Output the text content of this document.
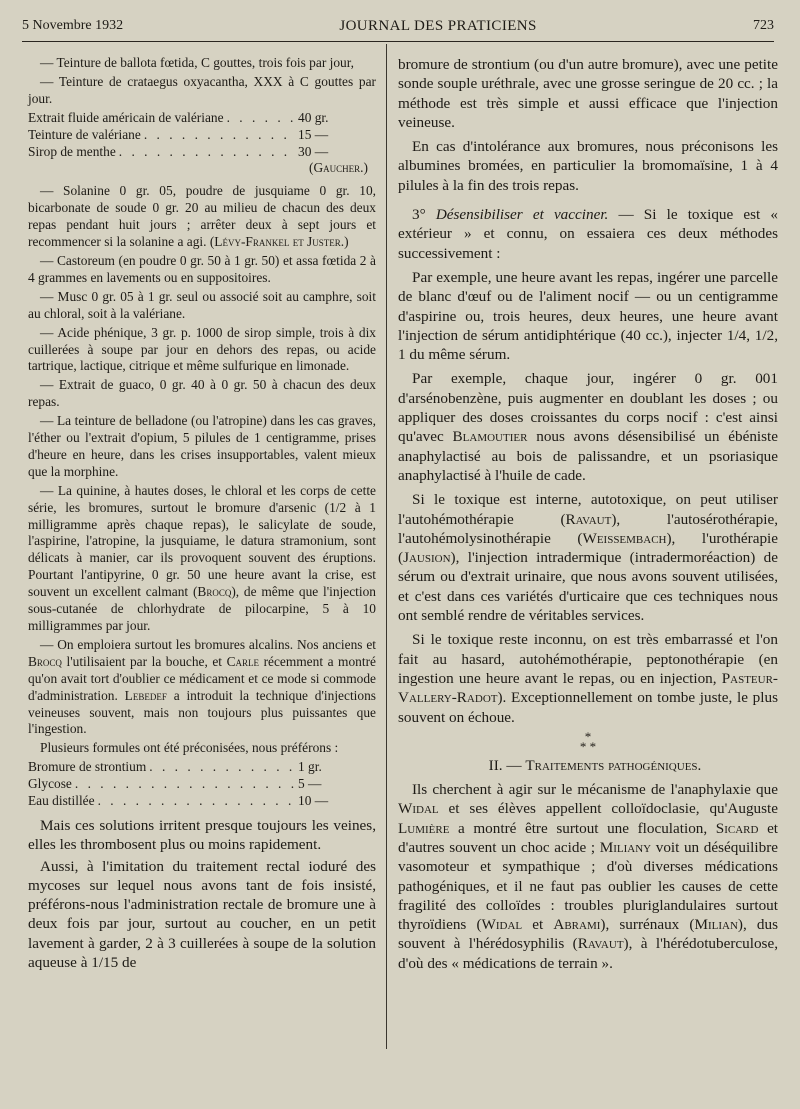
5 Novembre 1932	JOURNAL DES PRATICIENS	723

— Teinture de ballota fœtida, C gouttes, trois fois par jour,

— Teinture de crataegus oxyacantha, XXX à C gouttes par jour.

Extrait fluide américain de valériane . . .	40 gr.
Teinture de valériane . . .	15 —
Sirop de menthe . . .	30 —
(Gaucher.)

— Solanine 0 gr. 05, poudre de jusquiame 0 gr. 10, bicarbonate de soude 0 gr. 20 au milieu de chacun des deux repas pendant huit jours ; arrêter deux à sept jours et recommencer si la solanine a agi. (Lévy-Frankel et Juster.)

— Castoreum (en poudre 0 gr. 50 à 1 gr. 50) et assa fœtida 2 à 4 grammes en lavements ou en suppositoires.

— Musc 0 gr. 05 à 1 gr. seul ou associé soit au camphre, soit au chloral, soit à la valériane.

— Acide phénique, 3 gr. p. 1000 de sirop simple, trois à dix cuillerées à soupe par jour en dehors des repas, ou acide tartrique, lactique, citrique et même sulfurique en limonade.

— Extrait de guaco, 0 gr. 40 à 0 gr. 50 à chacun des deux repas.

— La teinture de belladone (ou l'atropine) dans les cas graves, l'éther ou l'extrait d'opium, 5 pilules de 1 centigramme, prises d'heure en heure, dans les crises insupportables, valent mieux que la morphine.

— La quinine, à hautes doses, le chloral et les corps de cette série, les bromures, surtout le bromure d'arsenic (1/2 à 1 milligramme après chaque repas), le salicylate de soude, l'aspirine, l'atropine, la jusquiame, le datura stramonium, sont délicats à manier, car ils provoquent souvent des éruptions. Pourtant l'antipyrine, 0 gr. 50 une heure avant la crise, est souvent un excellent calmant (Brocq), de même que l'injection sous-cutanée de chlorhydrate de pilocarpine, 5 à 10 milligrammes par jour.

— On emploiera surtout les bromures alcalins. Nos anciens et Brocq l'utilisaient par la bouche, et Carle récemment a montré qu'on avait tort d'oublier ce médicament et ce mode si commode d'administration. Lebedef a introduit la technique d'injections veineuses souvent, mais non toujours plus puissantes que l'ingestion.

Plusieurs formules ont été préconisées, nous préférons :

Bromure de strontium . . .	1 gr.
Glycose . . .	5 —
Eau distillée . . .	10 —

Mais ces solutions irritent presque toujours les veines, elles les thrombosent plus ou moins rapidement.

Aussi, à l'imitation du traitement rectal ioduré des mycoses sur lequel nous avons tant de fois insisté, préférons-nous l'administration rectale de bromure une à deux fois par jour, surtout au coucher, en un petit lavement à garder, 2 à 3 cuillerées à soupe de la solution aqueuse à 1/15 de

bromure de strontium (ou d'un autre bromure), avec une petite sonde souple uréthrale, avec une grosse seringue de 20 cc. ; la méthode est très simple et aussi efficace que l'injection veineuse.

En cas d'intolérance aux bromures, nous préconisons les albumines bromées, en particulier la bromomaïsine, 1 à 4 pilules à la fin des trois repas.

3° Désensibiliser et vacciner. — Si le toxique est « extérieur » et connu, on essaiera ces deux méthodes successivement :

Par exemple, une heure avant les repas, ingérer une parcelle de blanc d'œuf ou de l'aliment nocif — ou un centigramme d'aspirine ou, trois heures, deux heures, une heure avant l'injection de sérum antidiphtérique (40 cc.), injecter 1/4, 1/2, 1 du même sérum.

Par exemple, chaque jour, ingérer 0 gr. 001 d'arsénobenzène, puis augmenter en doublant les doses ; ou appliquer des doses croissantes du corps nocif : c'est ainsi qu'avec Blamoutier nous avons désensibilisé un ébéniste anaphylactisé au bois de palissandre, et un psoriasique anaphylactisé à l'huile de cade.

Si le toxique est interne, autotoxique, on peut utiliser l'autohémothérapie (Ravaut), l'autosérothérapie, l'autohémolysinothérapie (Weissembach), l'urothérapie (Jausion), l'injection intradermique (intradermoréaction) de sérum ou d'extrait urinaire, que nous avons souvent utilisées, et c'est dans ces variétés d'urticaire que ces techniques nous ont semblé rendre de véritables services.

Si le toxique reste inconnu, on est très embarrassé et l'on fait au hasard, autohémothérapie, peptonothérapie (en ingestion une heure avant le repas, ou en injection, Pasteur-Vallery-Radot). Exceptionnellement on tombe juste, le plus souvent on échoue.

*
* *

II. — Traitements pathogéniques.

Ils cherchent à agir sur le mécanisme de l'anaphylaxie que Widal et ses élèves appellent colloïdoclasie, qu'Auguste Lumière a montré être surtout une floculation, Sicard et d'autres souvent un choc acide ; Miliany voit un déséquilibre vasomoteur et sympathique ; d'où diverses médications pathogéniques, et il ne faut pas oublier les causes de cette fragilité des colloïdes : troubles pluriglandulaires surtout thyroïdiens (Widal et Abrami), surrénaux (Milian), dus souvent à l'hérédosyphilis (Ravaut), à l'hérédotuberculose, d'où des « médications de terrain ».
